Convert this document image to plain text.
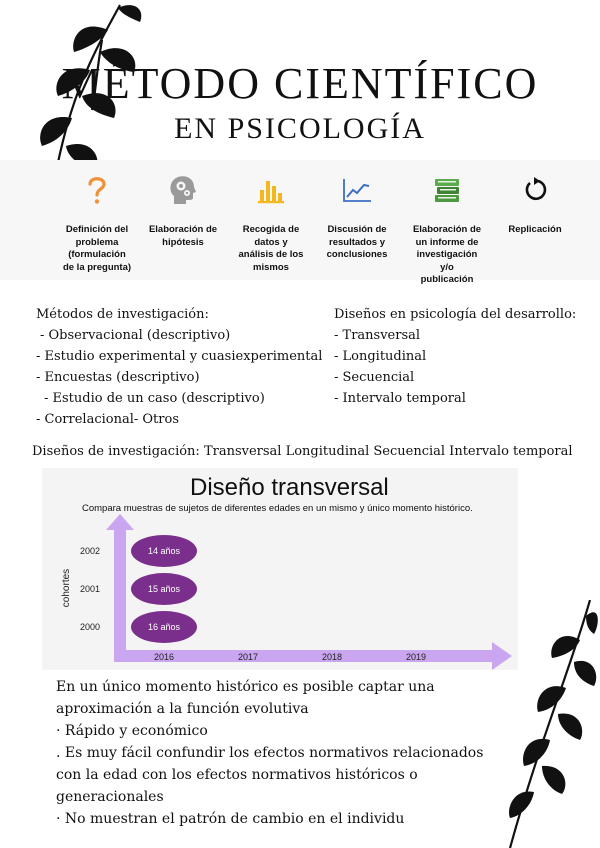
MÉTODO CIENTÍFICO
EN PSICOLOGÍA
Definición del
problema
(formulación
de la pregunta)
Elaboración de
hipótesis
Recogida de
datos y
análisis de los
mismos
Discusión de
resultados y
conclusiones
Elaboración de
un informe de
investigación
y/o
publicación
Replicación
Métodos de investigación:
- Observacional (descriptivo)
- Estudio experimental y cuasiexperimental
- Encuestas (descriptivo)
- Estudio de un caso (descriptivo)
- Correlacional- Otros
Diseños en psicología del desarrollo:
- Transversal
- Longitudinal
- Secuencial
- Intervalo temporal
Diseños de investigación: Transversal Longitudinal Secuencial Intervalo temporal
Diseño transversal
Compara muestras de sujetos de diferentes edades en un mismo y único momento histórico.
2016	2017	2018	2019
2002
2001
2000
cohortes
14 años
15 años
16 años
En un único momento histórico es posible captar una
aproximación a la función evolutiva
· Rápido y económico
. Es muy fácil confundir los efectos normativos relacionados
con la edad con los efectos normativos históricos o
generacionales
· No muestran el patrón de cambio en el individu
